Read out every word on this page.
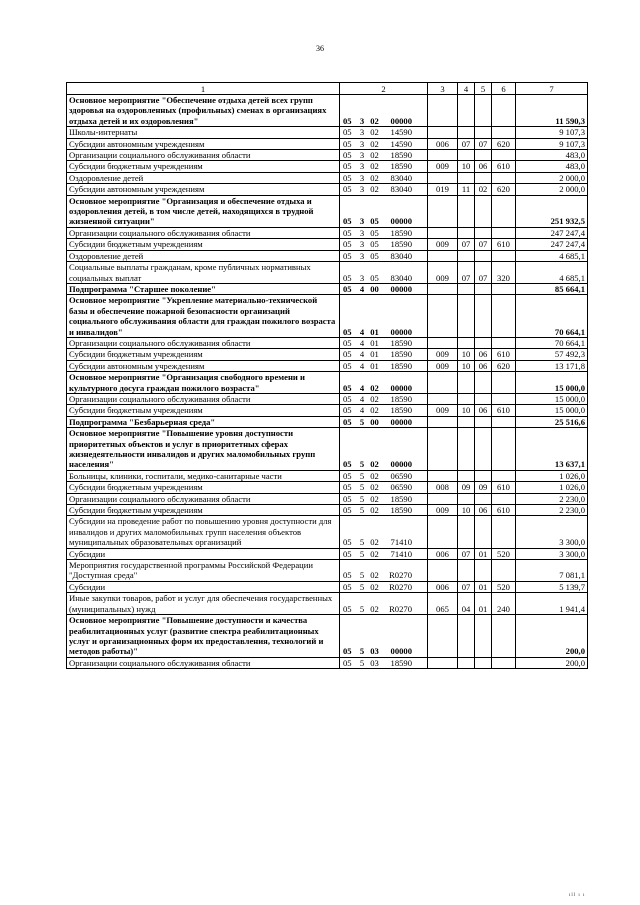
36
1	2	3	4	5	6	7
Основное мероприятие "Обеспечение отдыха детей всех групп здоровья на оздоровленных (профильных) сменах в организациях отдыха детей и их оздоровления"	05 3 02 00000					11 590,3
Школы-интернаты	05 3 02 14590					9 107,3
Субсидии автономным учреждениям	05 3 02 14590	006	07	07	620	9 107,3
Организации социального обслуживания области	05 3 02 18590					483,0
Субсидии бюджетным учреждениям	05 3 02 18590	009	10	06	610	483,0
Оздоровление детей	05 3 02 83040					2 000,0
Субсидии автономным учреждениям	05 3 02 83040	019	11	02	620	2 000,0
Основное мероприятие "Организация и обеспечение отдыха и оздоровления детей, в том числе детей, находящихся в трудной жизненной ситуации"	05 3 05 00000					251 932,5
Организации социального обслуживания области	05 3 05 18590					247 247,4
Субсидии бюджетным учреждениям	05 3 05 18590	009	07	07	610	247 247,4
Оздоровление детей	05 3 05 83040					4 685,1
Социальные выплаты гражданам, кроме публичных нормативных социальных выплат	05 3 05 83040	009	07	07	320	4 685,1
Подпрограмма "Старшее поколение"	05 4 00 00000					85 664,1
Основное мероприятие "Укрепление материально-технической базы и обеспечение пожарной безопасности организаций социального обслуживания области для граждан пожилого возраста и инвалидов"	05 4 01 00000					70 664,1
Организации социального обслуживания области	05 4 01 18590					70 664,1
Субсидии бюджетным учреждениям	05 4 01 18590	009	10	06	610	57 492,3
Субсидии автономным учреждениям	05 4 01 18590	009	10	06	620	13 171,8
Основное мероприятие "Организация свободного времени и культурного досуга граждан пожилого возраста"	05 4 02 00000					15 000,0
Организации социального обслуживания области	05 4 02 18590					15 000,0
Субсидии бюджетным учреждениям	05 4 02 18590	009	10	06	610	15 000,0
Подпрограмма "Безбарьерная среда"	05 5 00 00000					25 516,6
Основное мероприятие "Повышение уровня доступности приоритетных объектов и услуг в приоритетных сферах жизнедеятельности инвалидов и других маломобильных групп населения"	05 5 02 00000					13 637,1
Больницы, клиники, госпитали, медико-санитарные части	05 5 02 06590					1 026,0
Субсидии бюджетным учреждениям	05 5 02 06590	008	09	09	610	1 026,0
Организации социального обслуживания области	05 5 02 18590					2 230,0
Субсидии бюджетным учреждениям	05 5 02 18590	009	10	06	610	2 230,0
Субсидии на проведение работ по повышению уровня доступности для инвалидов и других маломобильных групп населения объектов муниципальных образовательных организаций	05 5 02 71410					3 300,0
Субсидии	05 5 02 71410	006	07	01	520	3 300,0
Мероприятия государственной программы Российской Федерации "Доступная среда"	05 5 02 R0270					7 081,1
Субсидии	05 5 02 R0270	006	07	01	520	5 139,7
Иные закупки товаров, работ и услуг для обеспечения государственных (муниципальных) нужд	05 5 02 R0270	065	04	01	240	1 941,4
Основное мероприятие "Повышение доступности и качества реабилитационных услуг (развитие спектра реабилитационных услуг и организационных форм их предоставления, технологий и методов работы)"	05 5 03 00000					200,0
Организации социального обслуживания области	05 5 03 18590					200,0
ıll ı ı
